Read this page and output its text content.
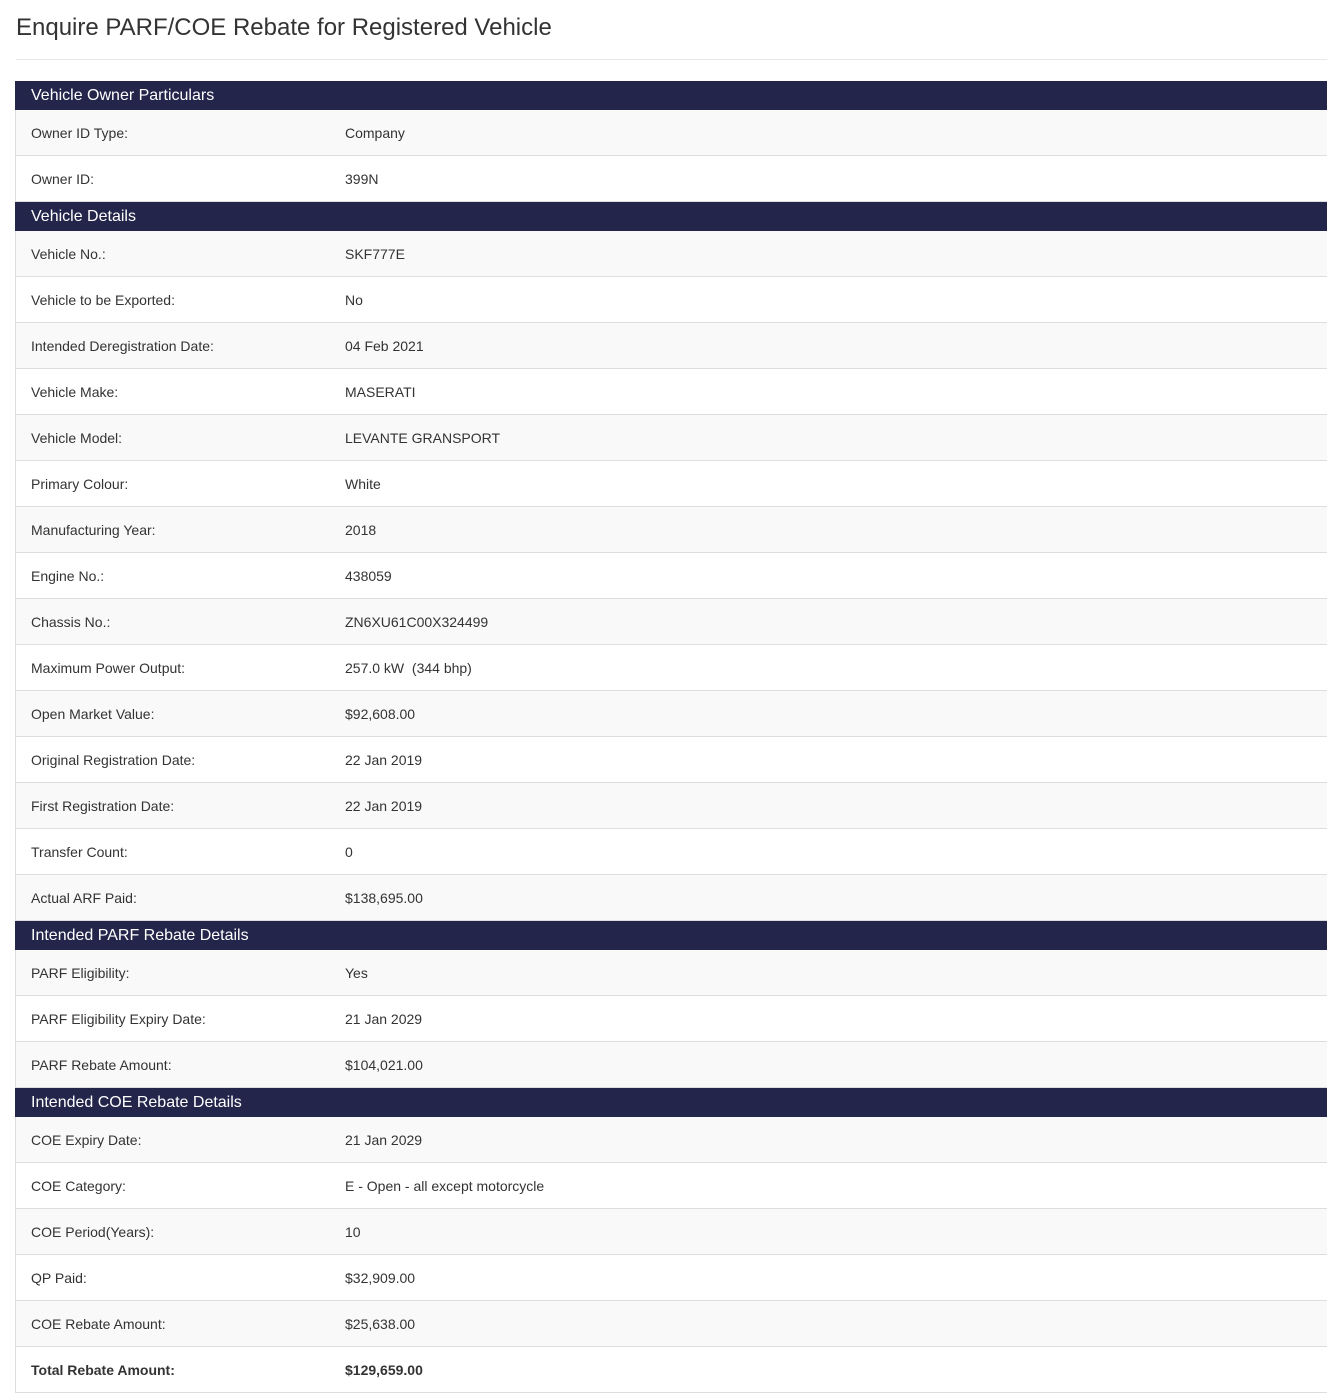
Enquire PARF/COE Rebate for Registered Vehicle
Vehicle Owner Particulars
Owner ID Type:	Company
Owner ID:	399N
Vehicle Details
Vehicle No.:	SKF777E
Vehicle to be Exported:	No
Intended Deregistration Date:	04 Feb 2021
Vehicle Make:	MASERATI
Vehicle Model:	LEVANTE GRANSPORT
Primary Colour:	White
Manufacturing Year:	2018
Engine No.:	438059
Chassis No.:	ZN6XU61C00X324499
Maximum Power Output:	257.0 kW  (344 bhp)
Open Market Value:	$92,608.00
Original Registration Date:	22 Jan 2019
First Registration Date:	22 Jan 2019
Transfer Count:	0
Actual ARF Paid:	$138,695.00
Intended PARF Rebate Details
PARF Eligibility:	Yes
PARF Eligibility Expiry Date:	21 Jan 2029
PARF Rebate Amount:	$104,021.00
Intended COE Rebate Details
COE Expiry Date:	21 Jan 2029
COE Category:	E - Open - all except motorcycle
COE Period(Years):	10
QP Paid:	$32,909.00
COE Rebate Amount:	$25,638.00
Total Rebate Amount:	$129,659.00
